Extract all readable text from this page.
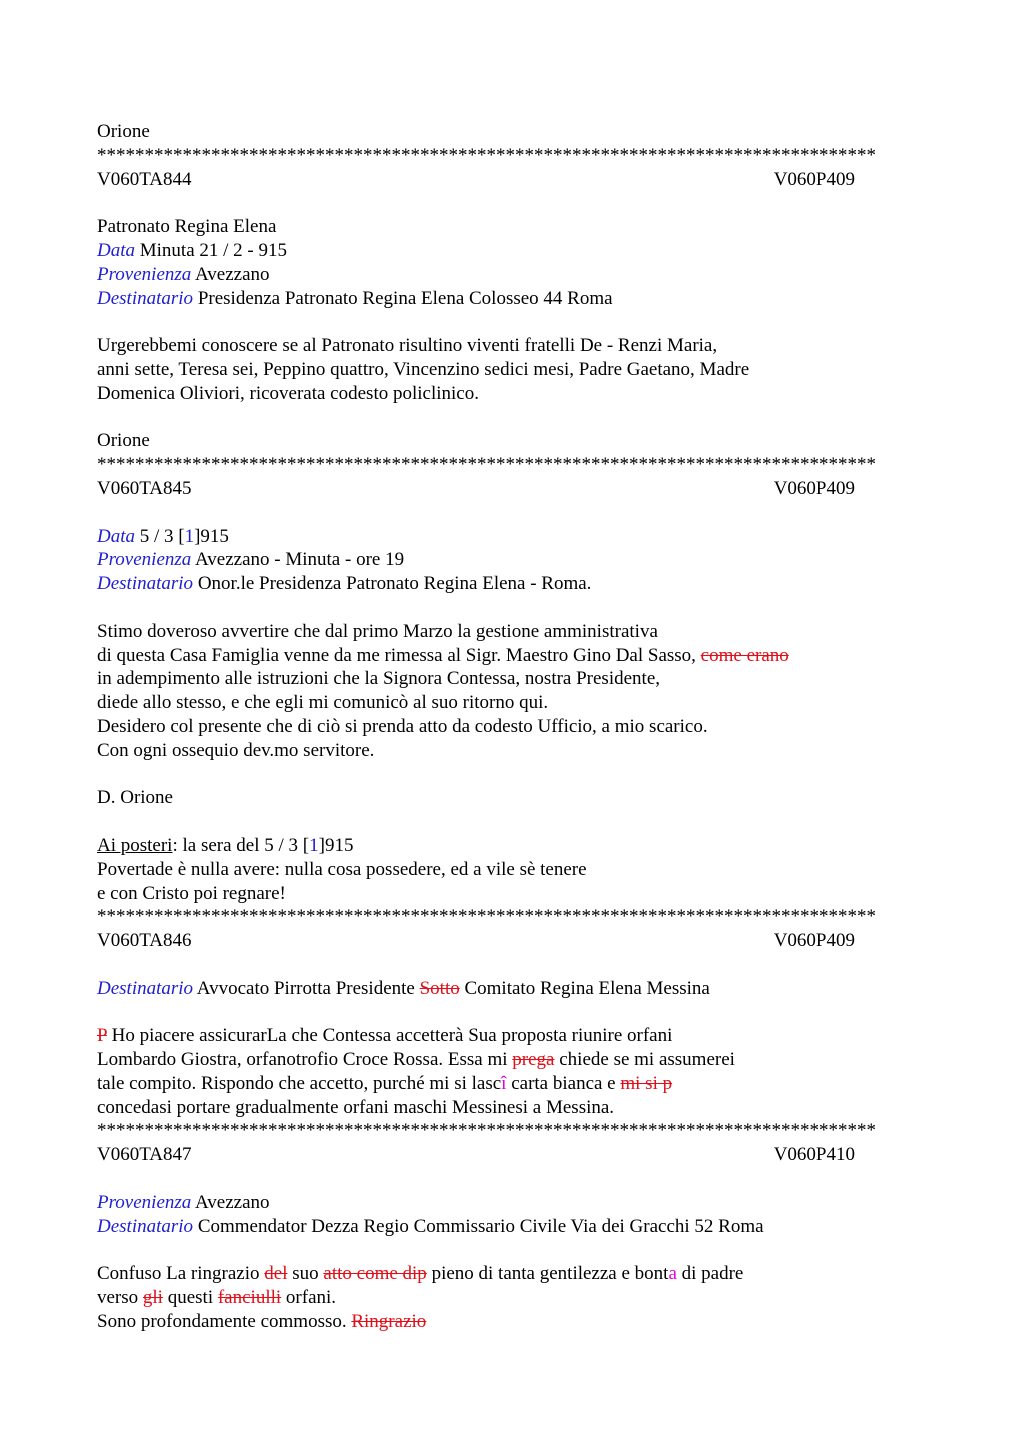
Orione
**********************************************************************************
V060TA844	V060P409
Patronato Regina Elena
Data Minuta 21 / 2 - 915
Provenienza Avezzano
Destinatario Presidenza Patronato Regina Elena Colosseo 44 Roma
Urgerebbemi conoscere se al Patronato risultino viventi fratelli De - Renzi Maria,
anni sette, Teresa sei, Peppino quattro, Vincenzino sedici mesi, Padre Gaetano, Madre
Domenica Oliviori, ricoverata codesto policlinico.
Orione
**********************************************************************************
V060TA845	V060P409
Data 5 / 3 [1]915
Provenienza Avezzano - Minuta - ore 19
Destinatario Onor.le Presidenza Patronato Regina Elena - Roma.
Stimo doveroso avvertire che dal primo Marzo la gestione amministrativa
di questa Casa Famiglia venne da me rimessa al Sigr. Maestro Gino Dal Sasso, come erano
in adempimento alle istruzioni che la Signora Contessa, nostra Presidente,
diede allo stesso, e che egli mi comunicò al suo ritorno qui.
Desidero col presente che di ciò si prenda atto da codesto Ufficio, a mio scarico.
Con ogni ossequio dev.mo servitore.
D. Orione
Ai posteri: la sera del 5 / 3 [1]915
Povertade è nulla avere: nulla cosa possedere, ed a vile sè tenere
e con Cristo poi regnare!
**********************************************************************************
V060TA846	V060P409
Destinatario Avvocato Pirrotta Presidente Sotto Comitato Regina Elena Messina
P Ho piacere assicurarLa che Contessa accetterà Sua proposta riunire orfani
Lombardo Giostra, orfanotrofio Croce Rossa. Essa mi prega chiede se mi assumerei
tale compito. Rispondo che accetto, purché mi si lascî carta bianca e mi si p
concedasi portare gradualmente orfani maschi Messinesi a Messina.
**********************************************************************************
V060TA847	V060P410
Provenienza Avezzano
Destinatario Commendator Dezza Regio Commissario Civile Via dei Gracchi 52 Roma
Confuso La ringrazio del suo atto come dip pieno di tanta gentilezza e bonta di padre
verso gli questi fanciulli orfani.
Sono profondamente commosso. Ringrazio
